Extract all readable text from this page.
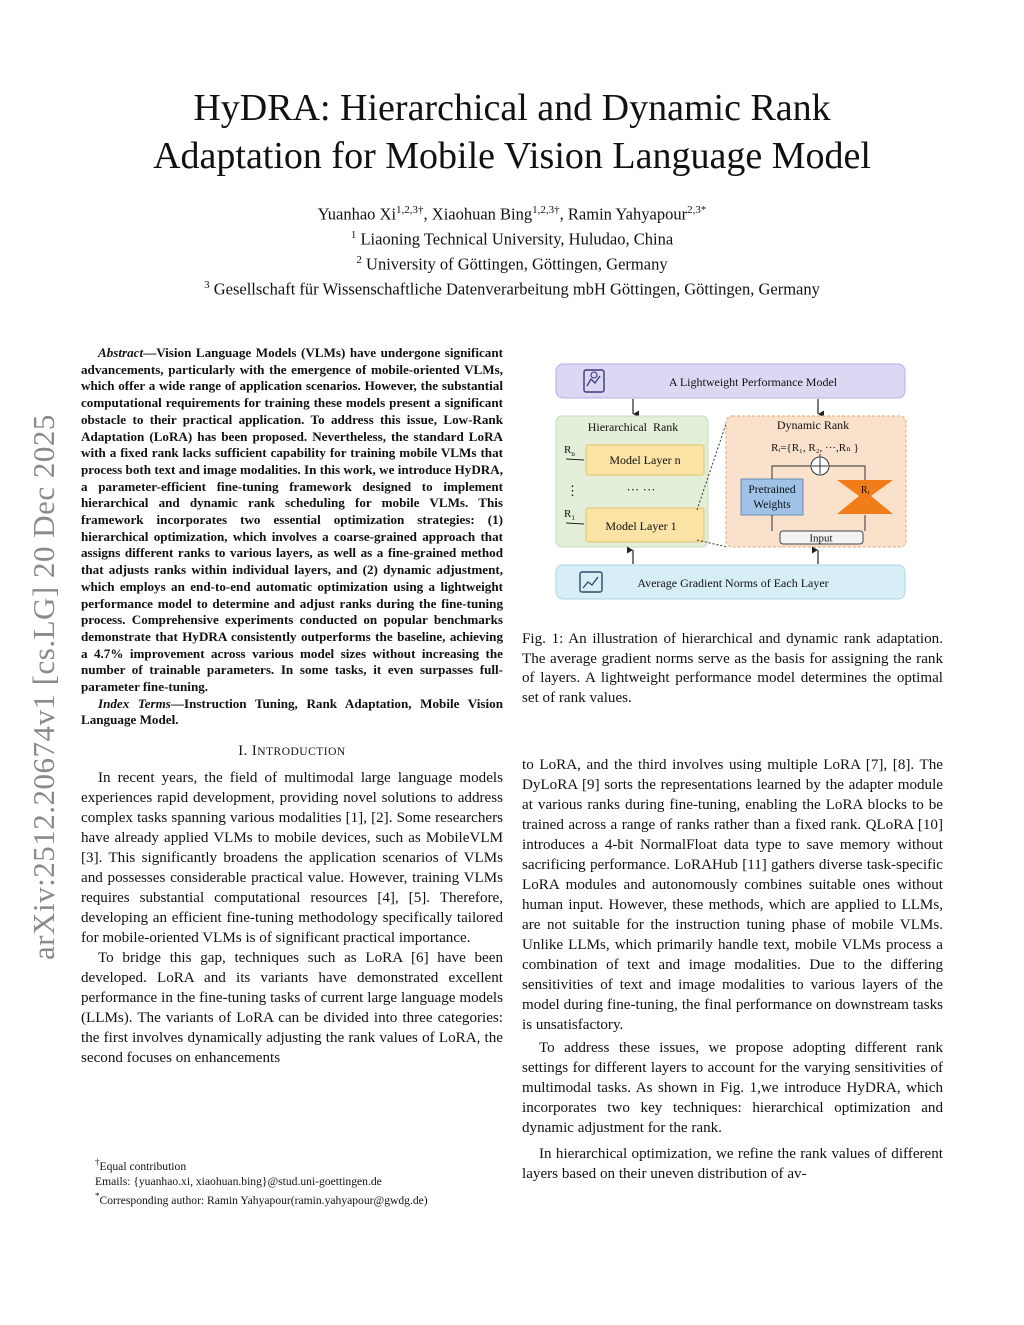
arXiv:2512.20674v1 [cs.LG] 20 Dec 2025
HyDRA: Hierarchical and Dynamic Rank
Adaptation for Mobile Vision Language Model
Yuanhao $Xi^{1,2,3\dagger}$, Xiaohuan Bing$^{1,2,3\dagger}$, Ramin Yahyapour$^{2,3*}$
$^1$ Liaoning Technical University, Huludao, China
$^2$ University of Göttingen, Göttingen, Germany
$^3$ Gesellschaft für Wissenschaftliche Datenverarbeitung mbH Göttingen, Göttingen, Germany

Abstract—Vision Language Models (VLMs) have undergone significant advancements, particularly with the emergence of mobile-oriented VLMs, which offer a wide range of application scenarios. However, the substantial computational requirements for training these models present a significant obstacle to their practical application. To address this issue, Low-Rank Adaptation (LoRA) has been proposed. Nevertheless, the standard LoRA with a fixed rank lacks sufficient capability for training mobile VLMs that process both text and image modalities. In this work, we introduce HyDRA, a parameter-efficient fine-tuning framework designed to implement hierarchical and dynamic rank scheduling for mobile VLMs. This framework incorporates two essential optimization strategies: (1) hierarchical optimization, which involves a coarse-grained approach that assigns different ranks to various layers, as well as a fine-grained method that adjusts ranks within individual layers, and (2) dynamic adjustment, which employs an end-to-end automatic optimization using a lightweight performance model to determine and adjust ranks during the fine-tuning process. Comprehensive experiments conducted on popular benchmarks demonstrate that HyDRA consistently outperforms the baseline, achieving a 4.7% improvement across various model sizes without increasing the number of trainable parameters. In some tasks, it even surpasses full-parameter fine-tuning.

Index Terms—Instruction Tuning, Rank Adaptation, Mobile Vision Language Model.

I. INTRODUCTION

In recent years, the field of multimodal large language models experiences rapid development, providing novel solutions to address complex tasks spanning various modalities [1], [2]. Some researchers have already applied VLMs to mobile devices, such as MobileVLM [3]. This significantly broadens the application scenarios of VLMs and possesses considerable practical value. However, training VLMs requires substantial computational resources [4], [5]. Therefore, developing an efficient fine-tuning methodology specifically tailored for mobile-oriented VLMs is of significant practical importance.

To bridge this gap, techniques such as LoRA [6] have been developed. LoRA and its variants have demonstrated excellent performance in the fine-tuning tasks of current large language models (LLMs). The variants of LoRA can be divided into three categories: the first involves dynamically adjusting the rank values of LoRA, the second focuses on enhancements

†Equal contribution
Emails: {yuanhao.xi, xiaohuan.bing}@stud.uni-goettingen.de
*Corresponding author: Ramin Yahyapour(ramin.yahyapour@gwdg.de)
A Lightweight Performance Model
Hierarchical  Rank
Model Layer n
··· ···
Model Layer 1
$R_n$
⋮
$R_1$
Dynamic Rank
Rᵢ={R₁, R₂, ···,Rₙ }
Pretrained
Weights
Rᵢ
Input
Average Gradient Norms of Each Layer

Fig. 1: An illustration of hierarchical and dynamic rank adaptation. The average gradient norms serve as the basis for assigning the rank of layers. A lightweight performance model determines the optimal set of rank values.

to LoRA, and the third involves using multiple LoRA [7], [8]. The DyLoRA [9] sorts the representations learned by the adapter module at various ranks during fine-tuning, enabling the LoRA blocks to be trained across a range of ranks rather than a fixed rank. QLoRA [10] introduces a 4-bit NormalFloat data type to save memory without sacrificing performance. LoRAHub [11] gathers diverse task-specific LoRA modules and autonomously combines suitable ones without human input. However, these methods, which are applied to LLMs, are not suitable for the instruction tuning phase of mobile VLMs. Unlike LLMs, which primarily handle text, mobile VLMs process a combination of text and image modalities. Due to the differing sensitivities of text and image modalities to various layers of the model during fine-tuning, the final performance on downstream tasks is unsatisfactory.

To address these issues, we propose adopting different rank settings for different layers to account for the varying sensitivities of multimodal tasks. As shown in Fig. 1,we introduce HyDRA, which incorporates two key techniques: hierarchical optimization and dynamic adjustment for the rank.

In hierarchical optimization, we refine the rank values of different layers based on their uneven distribution of av-
